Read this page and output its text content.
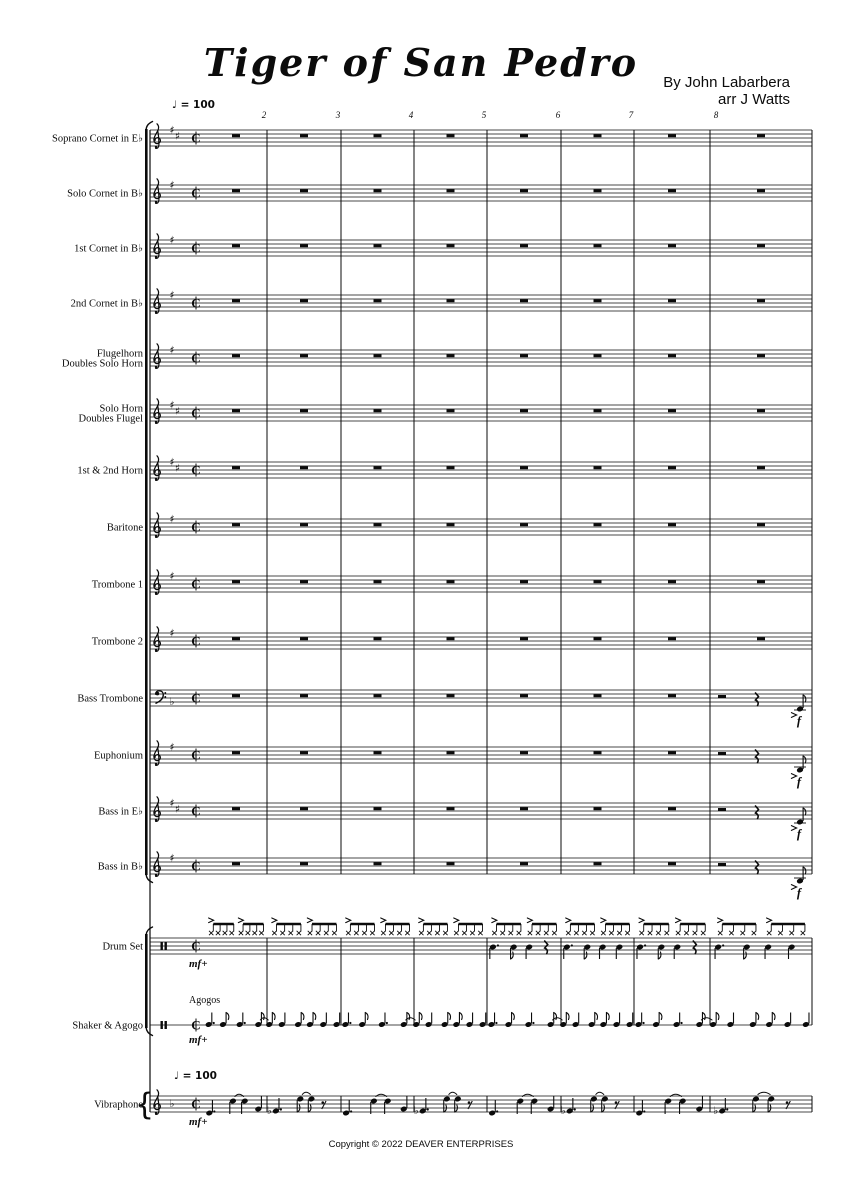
Tiger of San Pedro	By John Labarbera
arr J Watts
♩ = 100
♩ = 100
Soprano Cornet in E♭
♯ ♯ C
Solo Cornet in B♭
♯ C
1st Cornet in B♭
♯ C
2nd Cornet in B♭
♯ C
Flugelhorn
Doubles Solo Horn
♯ C
Solo Horn
Doubles Flugel
♯ ♯ C
1st & 2nd Horn
♯ ♯ C
Baritone
♯ C
Trombone 1
♯ C
Trombone 2
♯ C
Bass Trombone	♭ C
f
Euphonium
♯ C
f
Bass in E♭
♯ ♯ C
f
Bass in B♭
♯ C
f
Drum Set	C
mf+
Shaker & Agogo	C
Agogos
mf+
Vibraphone
{ ♭ C
mf+
♭	♭	♭	♭
2	3	4	5	6	7	8
Copyright © 2022 DEAVER ENTERPRISES
